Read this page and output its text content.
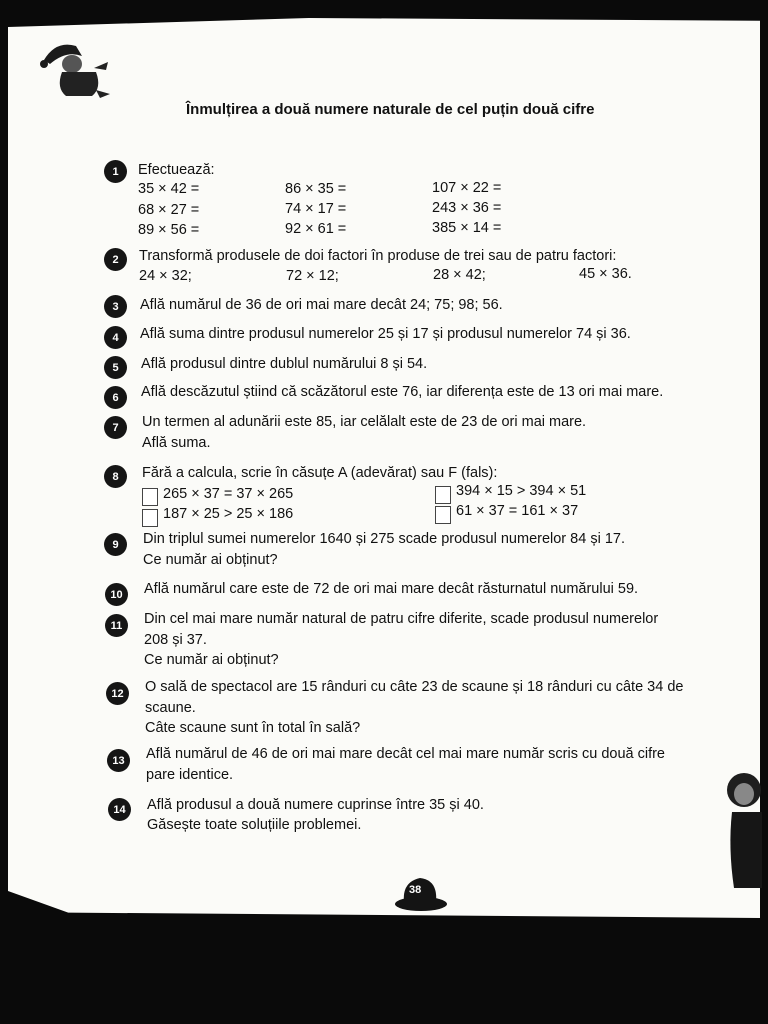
38
Înmulțirea a două numere naturale de cel puțin două cifre
1	Efectuează:
35 × 42 =	86 × 35 =	107 × 22 =
68 × 27 =	74 × 17 =	243 × 36 =
89 × 56 =	92 × 61 =	385 × 14 =
2	Transformă produsele de doi factori în produse de trei sau de patru factori:
24 × 32;	72 × 12;	28 × 42;	45 × 36.
3	Află numărul de 36 de ori mai mare decât 24; 75; 98; 56.
4	Află suma dintre produsul numerelor 25 și 17 și produsul numerelor 74 și 36.
5	Află produsul dintre dublul numărului 8 și 54.
6	Află descăzutul știind că scăzătorul este 76, iar diferența este de 13 ori mai mare.
7	Un termen al adunării este 85, iar celălalt este de 23 de ori mai mare.
Află suma.
8	Fără a calcula, scrie în căsuțe A (adevărat) sau F (fals):
265 × 37 = 37 × 265	394 × 15 > 394 × 51
187 × 25 > 25 × 186	61 × 37 = 161 × 37
9	Din triplul sumei numerelor 1640 și 275 scade produsul numerelor 84 și 17.
Ce număr ai obținut?
10	Află numărul care este de 72 de ori mai mare decât răsturnatul numărului 59.
11	Din cel mai mare număr natural de patru cifre diferite, scade produsul numerelor
208 și 37.
Ce număr ai obținut?
12	O sală de spectacol are 15 rânduri cu câte 23 de scaune și 18 rânduri cu câte 34 de
scaune.
Câte scaune sunt în total în sală?
13	Află numărul de 46 de ori mai mare decât cel mai mare număr scris cu două cifre
pare identice.
14	Află produsul a două numere cuprinse între 35 și 40.
Găsește toate soluțiile problemei.
